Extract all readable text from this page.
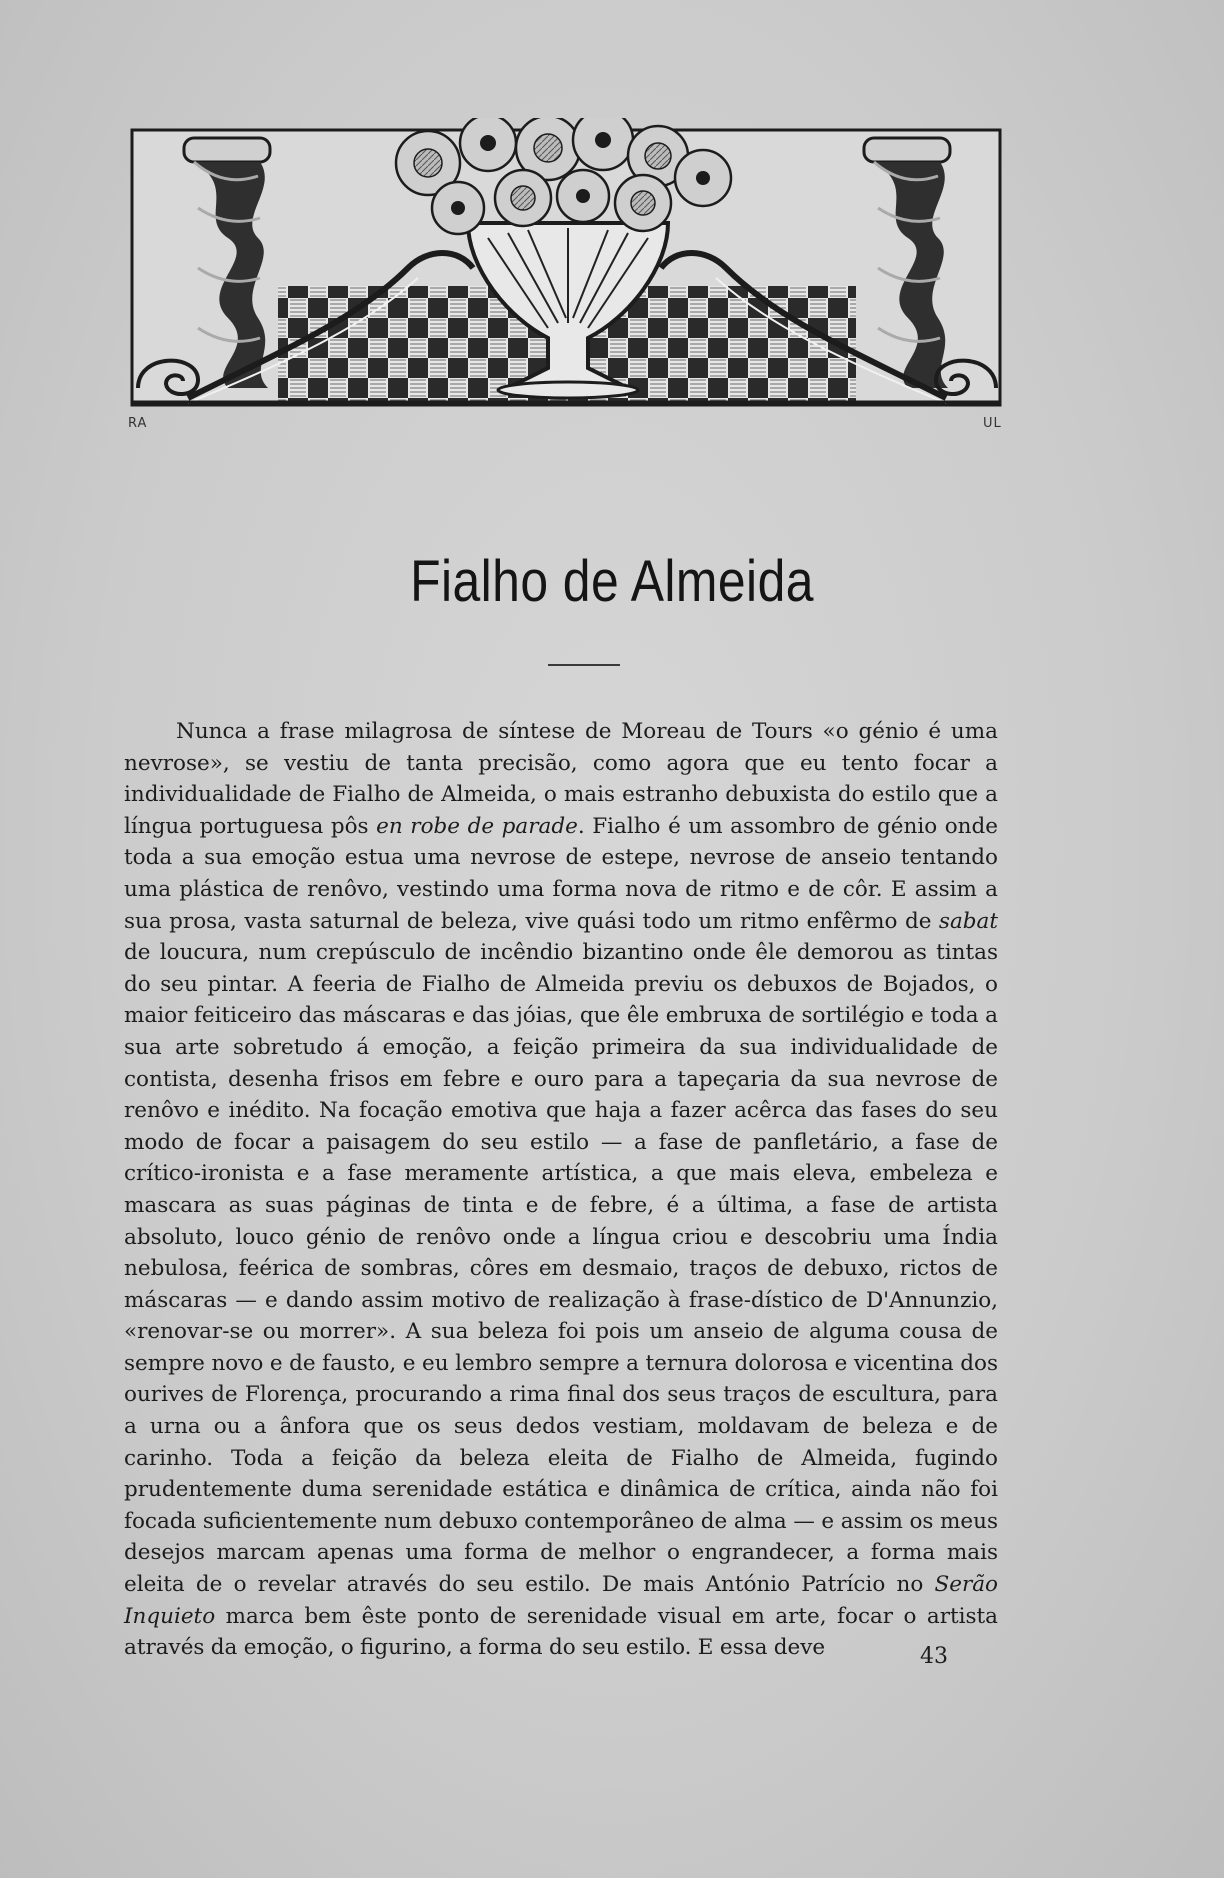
RA	UL
Fialho de Almeida
Nunca a frase milagrosa de síntese de Moreau de Tours «o génio é uma nevrose», se vestiu de tanta precisão, como agora que eu tento focar a individualidade de Fialho de Almeida, o mais estranho debuxista do estilo que a língua portuguesa pôs en robe de parade. Fialho é um assombro de génio onde toda a sua emoção estua uma nevrose de estepe, nevrose de anseio tentando uma plástica de renôvo, vestindo uma forma nova de ritmo e de côr. E assim a sua prosa, vasta saturnal de beleza, vive quási todo um ritmo enfêrmo de sabat de loucura, num crepúsculo de incêndio bizantino onde êle demorou as tintas do seu pintar. A feeria de Fialho de Almeida previu os debuxos de Bojados, o maior feiticeiro das máscaras e das jóias, que êle embruxa de sortilégio e toda a sua arte sobretudo á emoção, a feição primeira da sua individualidade de contista, desenha frisos em febre e ouro para a tapeçaria da sua nevrose de renôvo e inédito. Na focação emotiva que haja a fazer acêrca das fases do seu modo de focar a paisagem do seu estilo — a fase de panfletário, a fase de crítico-ironista e a fase meramente artística, a que mais eleva, embeleza e mascara as suas páginas de tinta e de febre, é a última, a fase de artista absoluto, louco génio de renôvo onde a língua criou e descobriu uma Índia nebulosa, feérica de sombras, côres em desmaio, traços de debuxo, rictos de máscaras — e dando assim motivo de realização à frase-dístico de D'Annunzio, «renovar-se ou morrer». A sua beleza foi pois um anseio de alguma cousa de sempre novo e de fausto, e eu lembro sempre a ternura dolorosa e vicentina dos ourives de Florença, procurando a rima final dos seus traços de escultura, para a urna ou a ânfora que os seus dedos vestiam, moldavam de beleza e de carinho. Toda a feição da beleza eleita de Fialho de Almeida, fugindo prudentemente duma serenidade estática e dinâmica de crítica, ainda não foi focada suficientemente num debuxo contemporâneo de alma — e assim os meus desejos marcam apenas uma forma de melhor o engrandecer, a forma mais eleita de o revelar através do seu estilo. De mais António Patrício no Serão Inquieto marca bem êste ponto de serenidade visual em arte, focar o artista através da emoção, o figurino, a forma do seu estilo. E essa deve	43
